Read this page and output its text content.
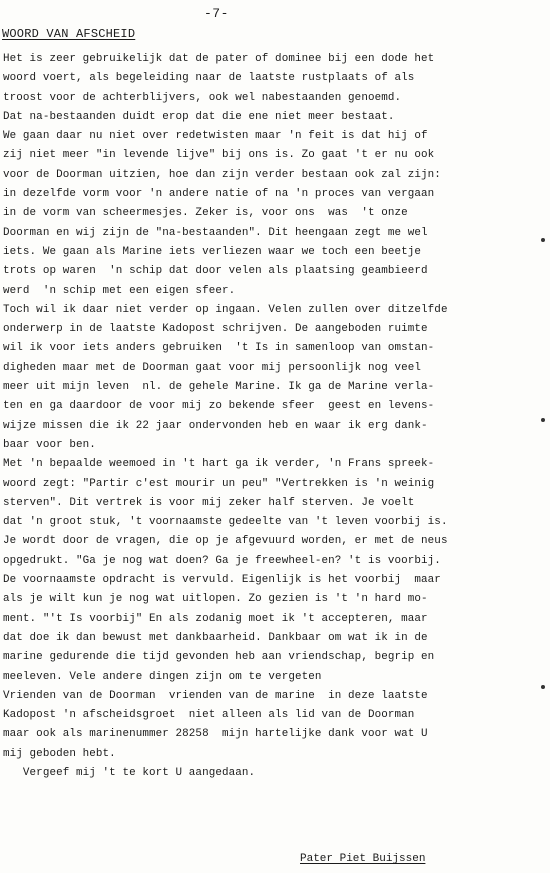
-7-
WOORD VAN AFSCHEID
Het is zeer gebruikelijk dat de pater of dominee bij een dode het
woord voert, als begeleiding naar de laatste rustplaats of als
troost voor de achterblijvers, ook wel nabestaanden genoemd.
Dat na-bestaanden duidt erop dat die ene niet meer bestaat.
We gaan daar nu niet over redetwisten maar 'n feit is dat hij of
zij niet meer "in levende lijve" bij ons is. Zo gaat 't er nu ook
voor de Doorman uitzien, hoe dan zijn verder bestaan ook zal zijn:
in dezelfde vorm voor 'n andere natie of na 'n proces van vergaan
in de vorm van scheermesjes. Zeker is, voor ons  was  't onze
Doorman en wij zijn de "na-bestaanden". Dit heengaan zegt me wel
iets. We gaan als Marine iets verliezen waar we toch een beetje
trots op waren  'n schip dat door velen als plaatsing geambieerd
werd  'n schip met een eigen sfeer.
Toch wil ik daar niet verder op ingaan. Velen zullen over ditzelfde
onderwerp in de laatste Kadopost schrijven. De aangeboden ruimte
wil ik voor iets anders gebruiken  't Is in samenloop van omstan-
digheden maar met de Doorman gaat voor mij persoonlijk nog veel
meer uit mijn leven  nl. de gehele Marine. Ik ga de Marine verla-
ten en ga daardoor de voor mij zo bekende sfeer  geest en levens-
wijze missen die ik 22 jaar ondervonden heb en waar ik erg dank-
baar voor ben.
Met 'n bepaalde weemoed in 't hart ga ik verder, 'n Frans spreek-
woord zegt: "Partir c'est mourir un peu" "Vertrekken is 'n weinig
sterven". Dit vertrek is voor mij zeker half sterven. Je voelt
dat 'n groot stuk, 't voornaamste gedeelte van 't leven voorbij is.
Je wordt door de vragen, die op je afgevuurd worden, er met de neus
opgedrukt. "Ga je nog wat doen? Ga je freewheel-en? 't is voorbij.
De voornaamste opdracht is vervuld. Eigenlijk is het voorbij  maar
als je wilt kun je nog wat uitlopen. Zo gezien is 't 'n hard mo-
ment. "'t Is voorbij" En als zodanig moet ik 't accepteren, maar
dat doe ik dan bewust met dankbaarheid. Dankbaar om wat ik in de
marine gedurende die tijd gevonden heb aan vriendschap, begrip en
meeleven. Vele andere dingen zijn om te vergeten
Vrienden van de Doorman  vrienden van de marine  in deze laatste
Kadopost 'n afscheidsgroet  niet alleen als lid van de Doorman
maar ook als marinenummer 28258  mijn hartelijke dank voor wat U
mij geboden hebt.
Vergeef mij 't te kort U aangedaan.
Pater Piet Buijssen
